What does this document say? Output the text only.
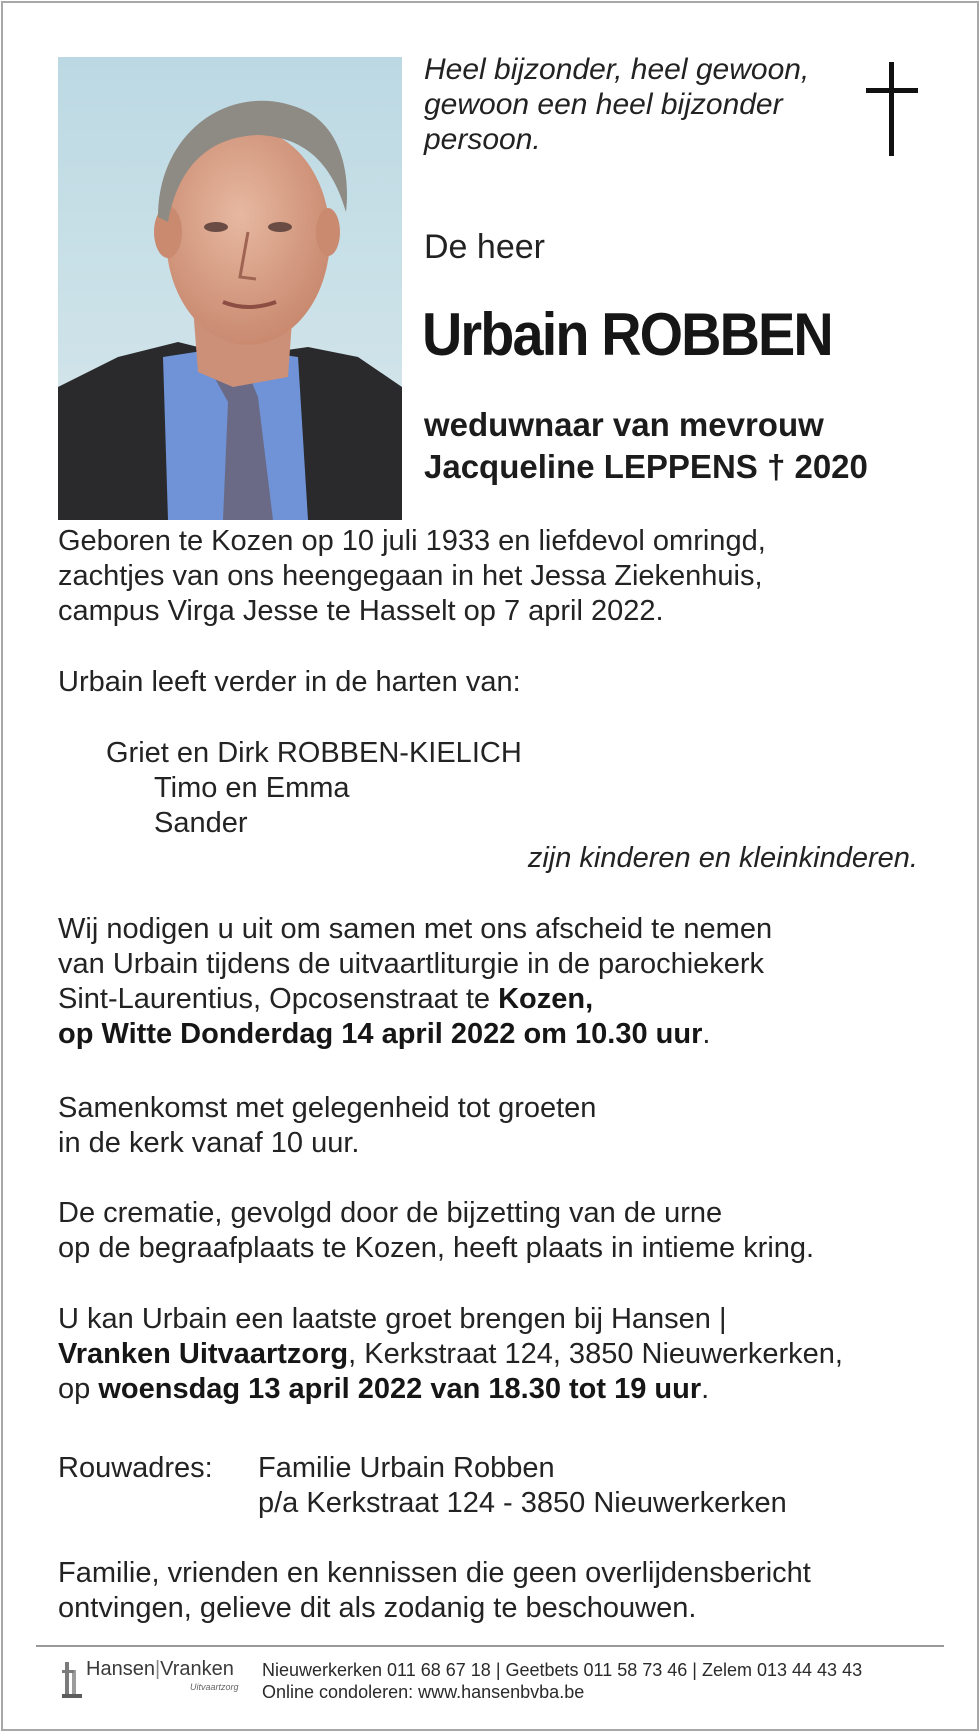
Heel bijzonder, heel gewoon,
gewoon een heel bijzonder
persoon.
De heer
Urbain ROBBEN
weduwnaar van mevrouw
Jacqueline LEPPENS † 2020
Geboren te Kozen op 10 juli 1933 en liefdevol omringd,
zachtjes van ons heengegaan in het Jessa Ziekenhuis,
campus Virga Jesse te Hasselt op 7 april 2022.
Urbain leeft verder in de harten van:
Griet en Dirk ROBBEN-KIELICH
Timo en Emma
Sander
zijn kinderen en kleinkinderen.
Wij nodigen u uit om samen met ons afscheid te nemen
van Urbain tijdens de uitvaartliturgie in de parochiekerk
Sint-Laurentius, Opcosenstraat te Kozen,
op Witte Donderdag 14 april 2022 om 10.30 uur.
Samenkomst met gelegenheid tot groeten
in de kerk vanaf 10 uur.
De crematie, gevolgd door de bijzetting van de urne
op de begraafplaats te Kozen, heeft plaats in intieme kring.
U kan Urbain een laatste groet brengen bij Hansen |
Vranken Uitvaartzorg, Kerkstraat 124, 3850 Nieuwerkerken,
op woensdag 13 april 2022 van 18.30 tot 19 uur.
Rouwadres: Familie Urbain Robben
p/a Kerkstraat 124 - 3850 Nieuwerkerken
Familie, vrienden en kennissen die geen overlijdensbericht
ontvingen, gelieve dit als zodanig te beschouwen.
Hansen|Vranken
Uitvaartzorg
Nieuwerkerken 011 68 67 18 | Geetbets 011 58 73 46 | Zelem 013 44 43 43
Online condoleren: www.hansenbvba.be
